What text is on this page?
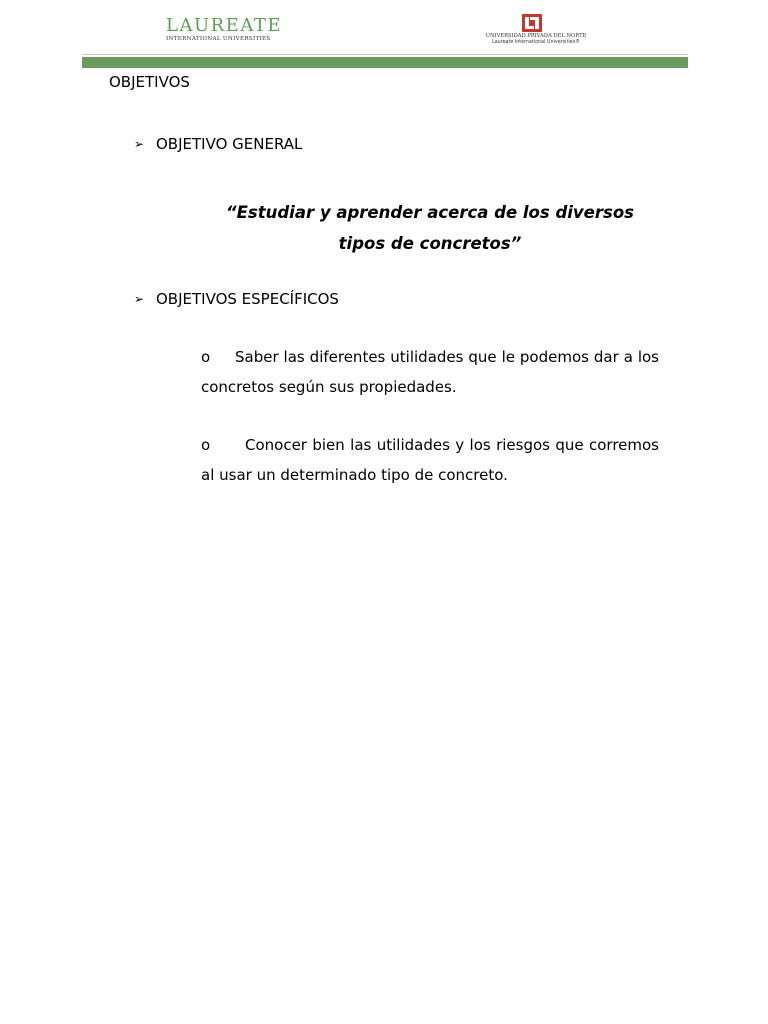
LAUREATE
INTERNATIONAL UNIVERSITIES	UNIVERSIDAD PRIVADA DEL NORTE
Laureate International Universities®
OBJETIVOS
➢ OBJETIVO GENERAL
“Estudiar y aprender acerca de los diversos
tipos de concretos”
➢ OBJETIVOS ESPECÍFICOS
o Saber las diferentes utilidades que le podemos dar a los concretos según sus propiedades.
o Conocer bien las utilidades y los riesgos que corremos al usar un determinado tipo de concreto.
